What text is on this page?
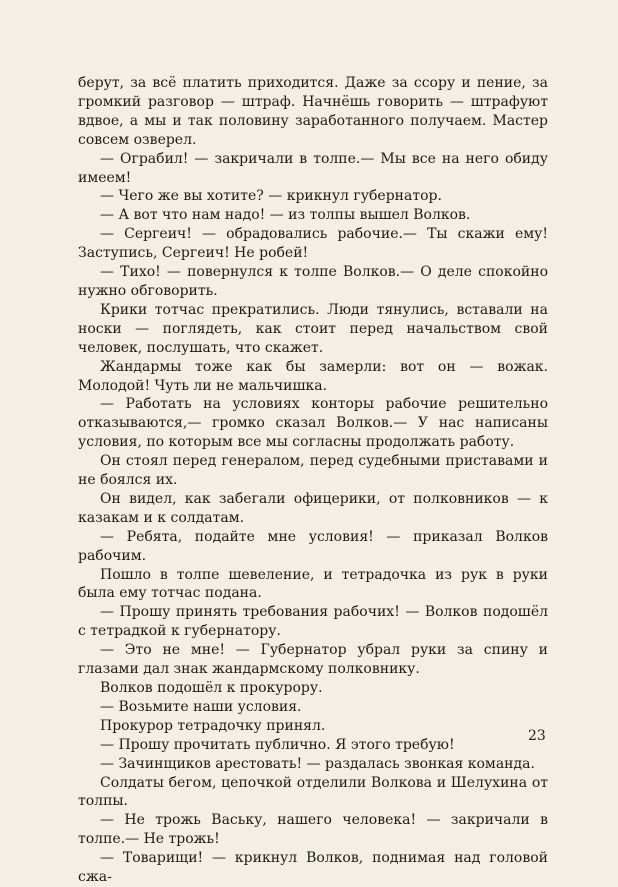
берут, за всё платить приходится. Даже за ссору и пение, за громкий разговор — штраф. Начнёшь говорить — штрафуют вдвое, а мы и так половину заработанного получаем. Мастер совсем озверел.

— Ограбил! — закричали в толпе.— Мы все на него обиду имеем!

— Чего же вы хотите? — крикнул губернатор.

— А вот что нам надо! — из толпы вышел Волков.

— Сергеич! — обрадовались рабочие.— Ты скажи ему! Заступись, Сергеич! Не робей!

— Тихо! — повернулся к толпе Волков.— О деле спокойно нужно обговорить.

Крики тотчас прекратились. Люди тянулись, вставали на носки — поглядеть, как стоит перед начальством свой человек, послушать, что скажет.

Жандармы тоже как бы замерли: вот он — вожак. Молодой! Чуть ли не мальчишка.

— Работать на условиях конторы рабочие решительно отказываются,— громко сказал Волков.— У нас написаны условия, по которым все мы согласны продолжать работу.

Он стоял перед генералом, перед судебными приставами и не боялся их.

Он видел, как забегали офицерики, от полковников — к казакам и к солдатам.

— Ребята, подайте мне условия! — приказал Волков рабочим.

Пошло в толпе шевеление, и тетрадочка из рук в руки была ему тотчас подана.

— Прошу принять требования рабочих! — Волков подошёл с тетрадкой к губернатору.

— Это не мне! — Губернатор убрал руки за спину и глазами дал знак жандармскому полковнику.

Волков подошёл к прокурору.

— Возьмите наши условия.

Прокурор тетрадочку принял.

— Прошу прочитать публично. Я этого требую!

— Зачинщиков арестовать! — раздалась звонкая команда.

Солдаты бегом, цепочкой отделили Волкова и Шелухина от толпы.

— Не трожь Ваську, нашего человека! — закричали в толпе.— Не трожь!

— Товарищи! — крикнул Волков, поднимая над головой сжа-

23
